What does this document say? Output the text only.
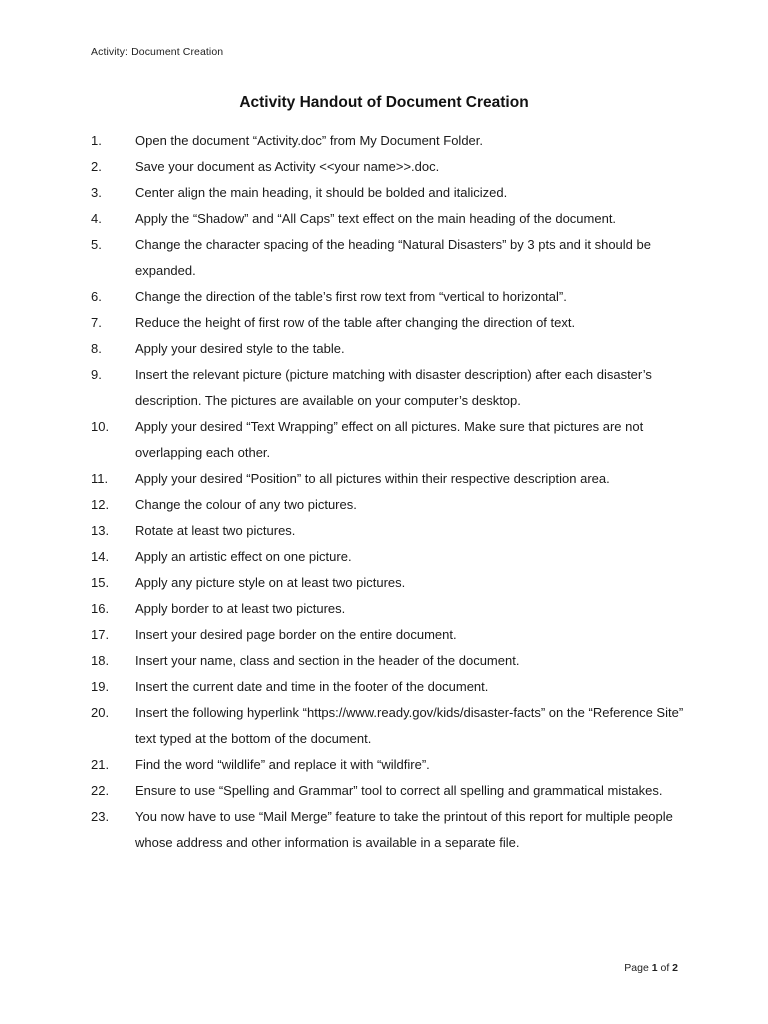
Activity: Document Creation
Activity Handout of Document Creation
1.	Open the document “Activity.doc” from My Document Folder.
2.	Save your document as Activity <<your name>>.doc.
3.	Center align the main heading, it should be bolded and italicized.
4.	Apply the “Shadow” and “All Caps” text effect on the main heading of the document.
5.	Change the character spacing of the heading “Natural Disasters” by 3 pts and it should be expanded.
6.	Change the direction of the table’s first row text from “vertical to horizontal”.
7.	Reduce the height of first row of the table after changing the direction of text.
8.	Apply your desired style to the table.
9.	Insert the relevant picture (picture matching with disaster description) after each disaster’s description. The pictures are available on your computer’s desktop.
10.	Apply your desired “Text Wrapping” effect on all pictures. Make sure that pictures are not overlapping each other.
11.	Apply your desired “Position” to all pictures within their respective description area.
12.	Change the colour of any two pictures.
13.	Rotate at least two pictures.
14.	Apply an artistic effect on one picture.
15.	Apply any picture style on at least two pictures.
16.	Apply border to at least two pictures.
17.	Insert your desired page border on the entire document.
18.	Insert your name, class and section in the header of the document.
19.	Insert the current date and time in the footer of the document.
20.	Insert the following hyperlink “https://www.ready.gov/kids/disaster-facts” on the “Reference Site” text typed at the bottom of the document.
21.	Find the word “wildlife” and replace it with “wildfire”.
22.	Ensure to use “Spelling and Grammar” tool to correct all spelling and grammatical mistakes.
23.	You now have to use “Mail Merge” feature to take the printout of this report for multiple people whose address and other information is available in a separate file.
Page 1 of 2
